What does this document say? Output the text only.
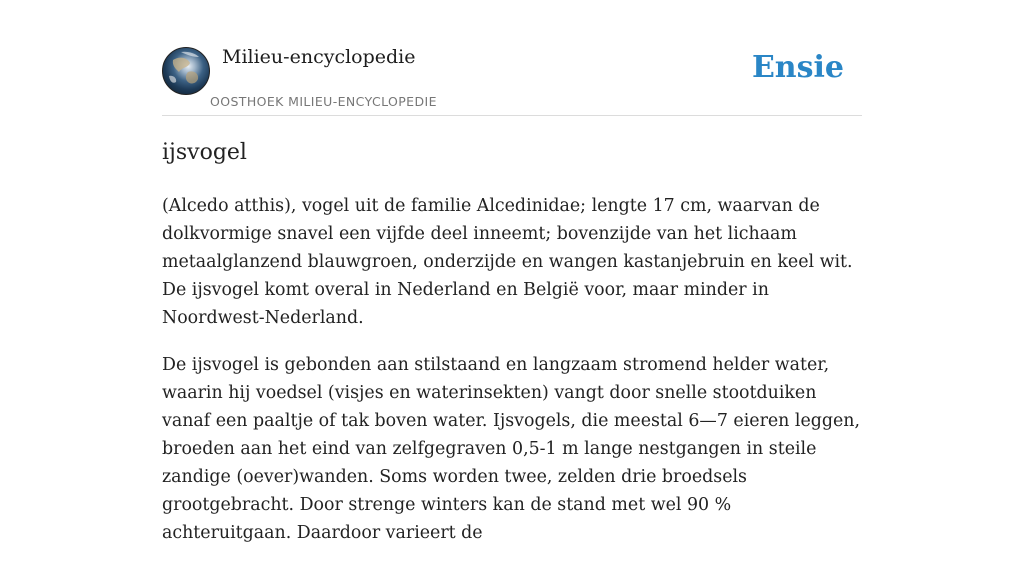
Milieu-encyclopedie
OOSTHOEK MILIEU-ENCYCLOPEDIE
Ensie
ijsvogel

(Alcedo atthis), vogel uit de familie Alcedinidae; lengte 17 cm, waarvan de dolkvormige snavel een vijfde deel inneemt; bovenzijde van het lichaam metaalglanzend blauwgroen, onderzijde en wangen kastanjebruin en keel wit. De ijsvogel komt overal in Nederland en België voor, maar minder in Noordwest-Nederland.

De ijsvogel is gebonden aan stilstaand en langzaam stromend helder water, waarin hij voedsel (visjes en waterinsekten) vangt door snelle stootduiken vanaf een paaltje of tak boven water. Ijsvogels, die meestal 6—7 eieren leggen, broeden aan het eind van zelfgegraven 0,5-1 m lange nestgangen in steile zandige (oever)wanden. Soms worden twee, zelden drie broedsels grootgebracht. Door strenge winters kan de stand met wel 90 % achteruitgaan. Daardoor varieert de
